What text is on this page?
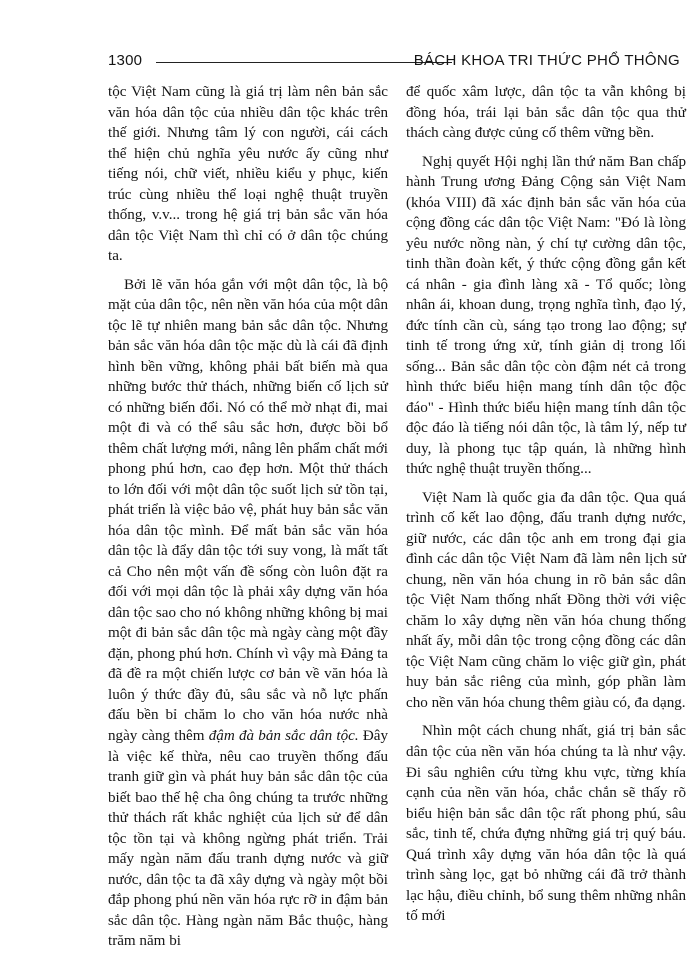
1300	BÁCH KHOA TRI THỨC PHỔ THÔNG

tộc Việt Nam cũng là giá trị làm nên bản sắc văn hóa dân tộc của nhiều dân tộc khác trên thế giới. Nhưng tâm lý con người, cái cách thể hiện chủ nghĩa yêu nước ấy cũng như tiếng nói, chữ viết, nhiều kiểu y phục, kiến trúc cùng nhiều thể loại nghệ thuật truyền thống, v.v... trong hệ giá trị bản sắc văn hóa dân tộc Việt Nam thì chỉ có ở dân tộc chúng ta.

Bởi lẽ văn hóa gắn với một dân tộc, là bộ mặt của dân tộc, nên nền văn hóa của một dân tộc lẽ tự nhiên mang bản sắc dân tộc. Nhưng bản sắc văn hóa dân tộc mặc dù là cái đã định hình bền vững, không phải bất biến mà qua những bước thử thách, những biến cố lịch sử có những biến đổi. Nó có thể mờ nhạt đi, mai một đi và có thể sâu sắc hơn, được bồi bổ thêm chất lượng mới, nâng lên phẩm chất mới phong phú hơn, cao đẹp hơn. Một thử thách to lớn đối với một dân tộc suốt lịch sử tồn tại, phát triển là việc bảo vệ, phát huy bản sắc văn hóa dân tộc mình. Để mất bản sắc văn hóa dân tộc là đẩy dân tộc tới suy vong, là mất tất cả Cho nên một vấn đề sống còn luôn đặt ra đối với mọi dân tộc là phải xây dựng văn hóa dân tộc sao cho nó không những không bị mai một đi bản sắc dân tộc mà ngày càng một đầy đặn, phong phú hơn. Chính vì vậy mà Đảng ta đã đề ra một chiến lược cơ bản về văn hóa là luôn ý thức đầy đủ, sâu sắc và nỗ lực phấn đấu bền bỉ chăm lo cho văn hóa nước nhà ngày càng thêm đậm đà bản sắc dân tộc. Đây là việc kế thừa, nêu cao truyền thống đấu tranh giữ gìn và phát huy bản sắc dân tộc của biết bao thế hệ cha ông chúng ta trước những thử thách rất khắc nghiệt của lịch sử để dân tộc tồn tại và không ngừng phát triển. Trải mấy ngàn năm đấu tranh dựng nước và giữ nước, dân tộc ta đã xây dựng và ngày một bồi đắp phong phú nền văn hóa rực rỡ in đậm bản sắc dân tộc. Hàng ngàn năm Bắc thuộc, hàng trăm năm bi

để quốc xâm lược, dân tộc ta vẫn không bị đồng hóa, trái lại bản sắc dân tộc qua thử thách càng được củng cố thêm vững bền.

Nghị quyết Hội nghị lần thứ năm Ban chấp hành Trung ương Đảng Cộng sản Việt Nam (khóa VIII) đã xác định bản sắc văn hóa của cộng đồng các dân tộc Việt Nam: "Đó là lòng yêu nước nồng nàn, ý chí tự cường dân tộc, tinh thần đoàn kết, ý thức cộng đồng gắn kết cá nhân - gia đình làng xã - Tổ quốc; lòng nhân ái, khoan dung, trọng nghĩa tình, đạo lý, đức tính cần cù, sáng tạo trong lao động; sự tinh tế trong ứng xử, tính giản dị trong lối sống... Bản sắc dân tộc còn đậm nét cả trong hình thức biểu hiện mang tính dân tộc độc đáo" - Hình thức biểu hiện mang tính dân tộc độc đáo là tiếng nói dân tộc, là tâm lý, nếp tư duy, là phong tục tập quán, là những hình thức nghệ thuật truyền thống...

Việt Nam là quốc gia đa dân tộc. Qua quá trình cố kết lao động, đấu tranh dựng nước, giữ nước, các dân tộc anh em trong đại gia đình các dân tộc Việt Nam đã làm nên lịch sử chung, nền văn hóa chung in rõ bản sắc dân tộc Việt Nam thống nhất Đồng thời với việc chăm lo xây dựng nền văn hóa chung thống nhất ấy, mỗi dân tộc trong cộng đồng các dân tộc Việt Nam cũng chăm lo việc giữ gìn, phát huy bản sắc riêng của mình, góp phần làm cho nền văn hóa chung thêm giàu có, đa dạng.

Nhìn một cách chung nhất, giá trị bản sắc dân tộc của nền văn hóa chúng ta là như vậy. Đi sâu nghiên cứu từng khu vực, từng khía cạnh của nền văn hóa, chắc chắn sẽ thấy rõ biểu hiện bản sắc dân tộc rất phong phú, sâu sắc, tinh tế, chứa đựng những giá trị quý báu. Quá trình xây dựng văn hóa dân tộc là quá trình sàng lọc, gạt bỏ những cái đã trở thành lạc hậu, điều chỉnh, bổ sung thêm những nhân tố mới
